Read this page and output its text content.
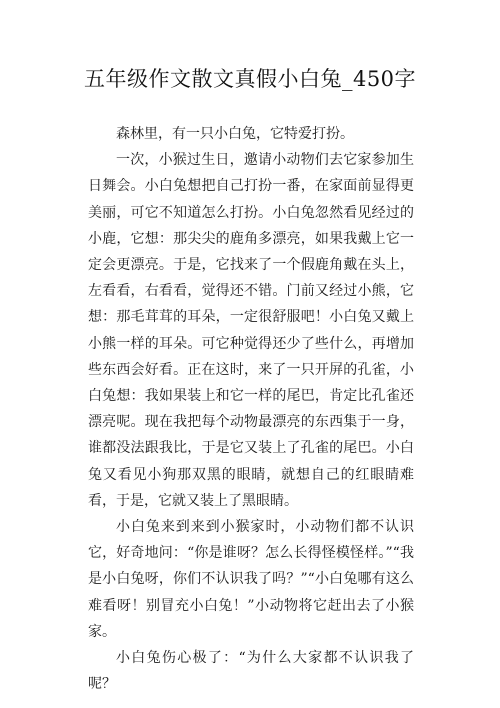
五年级作文散文真假小白兔_450字

森林里，有一只小白兔，它特爱打扮。

一次，小猴过生日，邀请小动物们去它家参加生日舞会。小白兔想把自己打扮一番，在家面前显得更美丽，可它不知道怎么打扮。小白兔忽然看见经过的小鹿，它想：那尖尖的鹿角多漂亮，如果我戴上它一定会更漂亮。于是，它找来了一个假鹿角戴在头上，左看看，右看看，觉得还不错。门前又经过小熊，它想：那毛茸茸的耳朵，一定很舒服吧！小白兔又戴上小熊一样的耳朵。可它种觉得还少了些什么，再增加些东西会好看。正在这时，来了一只开屏的孔雀，小白兔想：我如果装上和它一样的尾巴，肯定比孔雀还漂亮呢。现在我把每个动物最漂亮的东西集于一身，谁都没法跟我比，于是它又装上了孔雀的尾巴。小白兔又看见小狗那双黑的眼睛，就想自己的红眼睛难看，于是，它就又装上了黑眼睛。

小白兔来到来到小猴家时，小动物们都不认识它，好奇地问：“你是谁呀？怎么长得怪模怪样。”“我是小白兔呀，你们不认识我了吗？”“小白兔哪有这么难看呀！别冒充小白兔！”小动物将它赶出去了小猴家。

小白兔伤心极了：“为什么大家都不认识我了呢？
